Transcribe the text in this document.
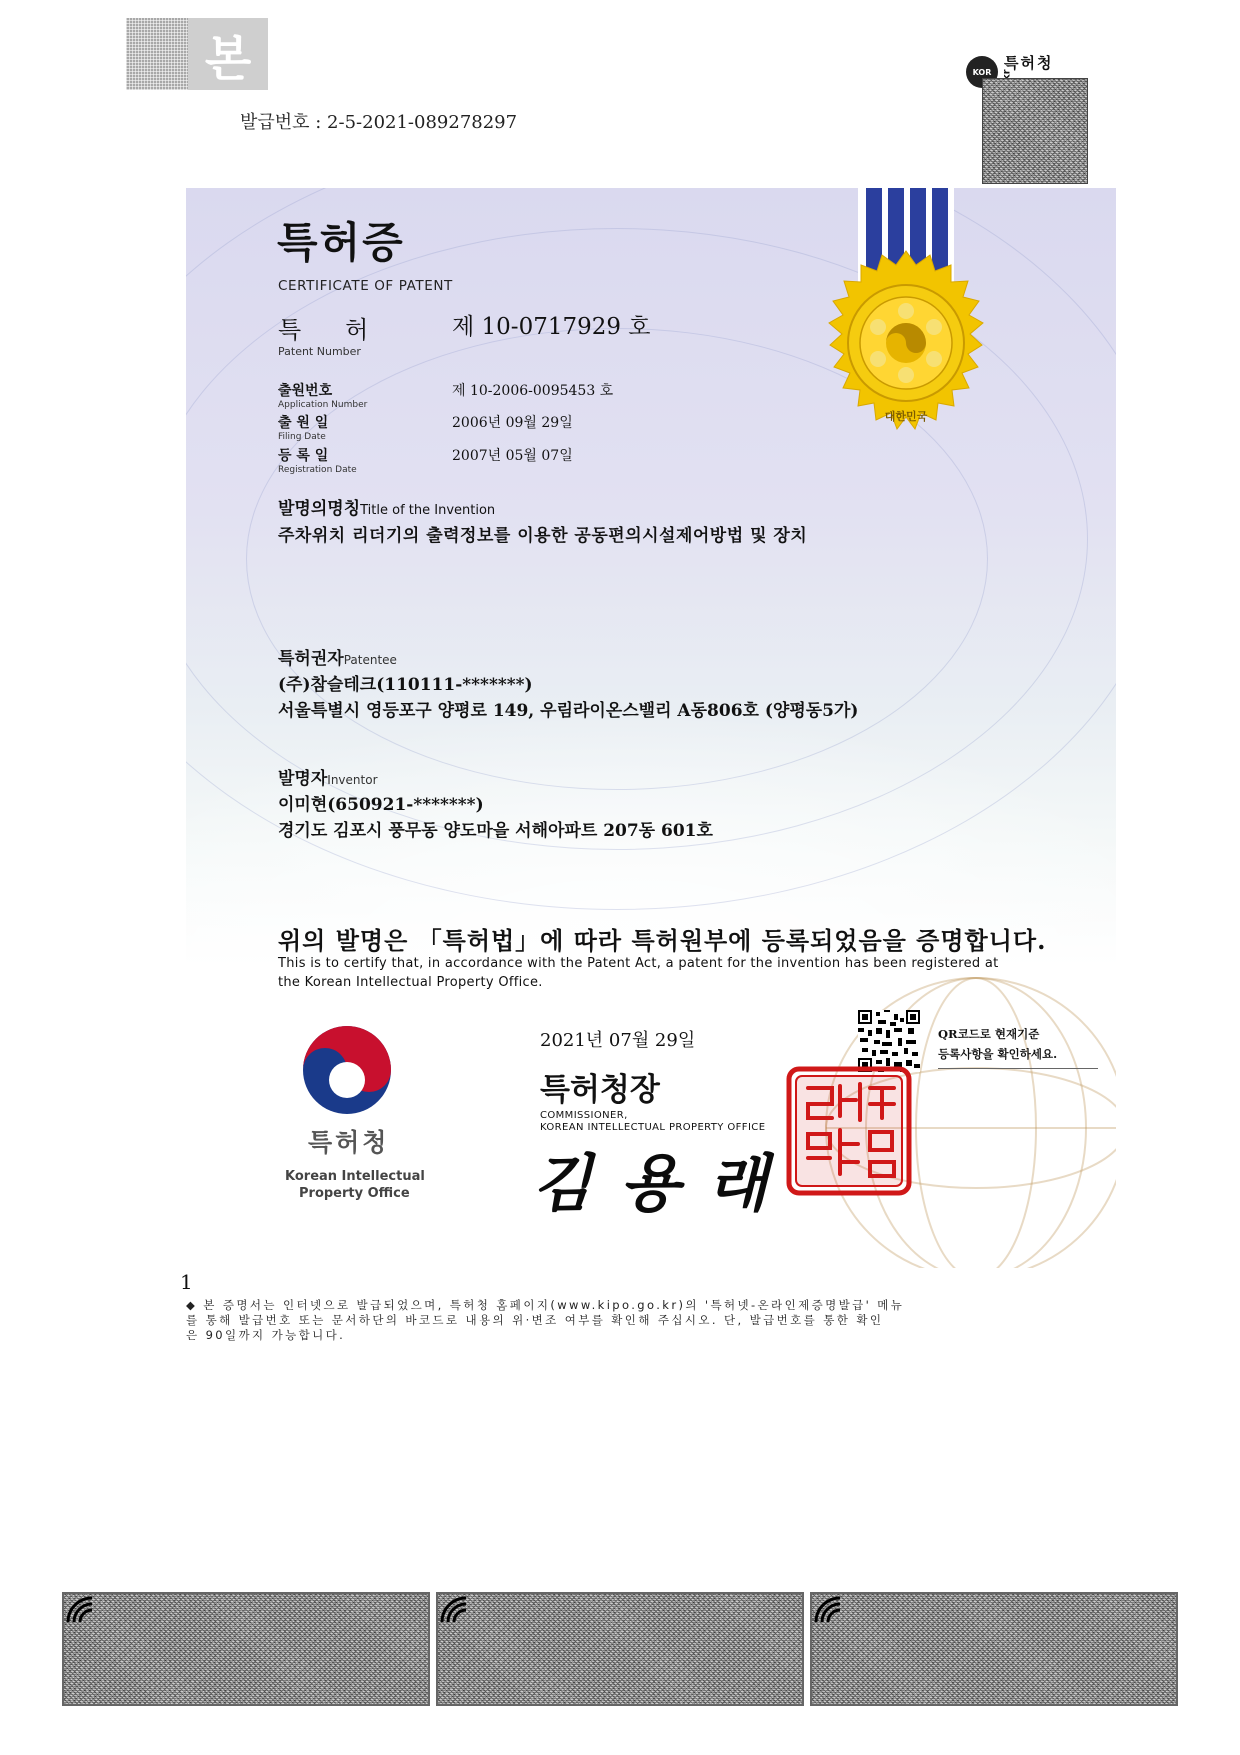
본
발급번호 : 2-5-2021-089278297
KOR 특허청
대한민국
특허증
CERTIFICATE OF PATENT
특허 제 10-0717929 호
Patent Number
출원번호
Application Number
제 10-2006-0095453 호
출 원 일
Filing Date
2006년 09월 29일
등 록 일
Registration Date
2007년 05월 07일
발명의명칭Title of the Invention
주차위치 리더기의 출력정보를 이용한 공동편의시설제어방법 및 장치
특허권자Patentee
(주)참슬테크(110111-*******)
서울특별시 영등포구 양평로 149, 우림라이온스밸리 A동806호 (양평동5가)
발명자Inventor
이미현(650921-*******)
경기도 김포시 풍무동 양도마을 서해아파트 207동 601호
위의 발명은 「특허법」에 따라 특허원부에 등록되었음을 증명합니다.
This is to certify that, in accordance with the Patent Act, a patent for the invention has been registered at
the Korean Intellectual Property Office.
특허청
Korean Intellectual
Property Office
2021년 07월 29일	QR코드로 현재기준
등록사항을 확인하세요.
특허청장
COMMISSIONER,
KOREAN INTELLECTUAL PROPERTY OFFICE
김용래
1
◆ 본 증명서는 인터넷으로 발급되었으며, 특허청 홈페이지(www.kipo.go.kr)의 '특허넷-온라인제증명발급' 메뉴
를 통해 발급번호 또는 문서하단의 바코드로 내용의 위·변조 여부를 확인해 주십시오. 단, 발급번호를 통한 확인
은 90일까지 가능합니다.
